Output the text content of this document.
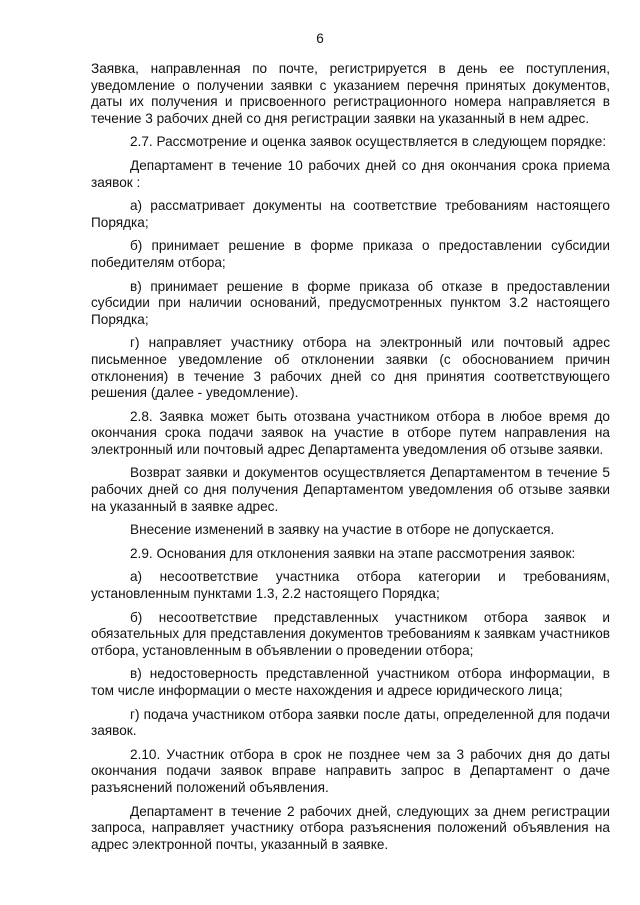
6

Заявка, направленная по почте, регистрируется в день ее поступления, уведомление о получении заявки с указанием перечня принятых документов, даты их получения и присвоенного регистрационного номера направляется в течение 3 рабочих дней со дня регистрации заявки на указанный в нем адрес.

2.7. Рассмотрение и оценка заявок осуществляется в следующем порядке:

Департамент в течение 10 рабочих дней со дня окончания срока приема заявок :

а) рассматривает документы на соответствие требованиям настоящего Порядка;

б) принимает решение в форме приказа о предоставлении субсидии победителям отбора;

в) принимает решение в форме приказа об отказе в предоставлении субсидии при наличии оснований, предусмотренных пунктом 3.2 настоящего Порядка;

г) направляет участнику отбора на электронный или почтовый адрес письменное уведомление об отклонении заявки (с обоснованием причин отклонения) в течение 3 рабочих дней со дня принятия соответствующего решения (далее - уведомление).

2.8. Заявка может быть отозвана участником отбора в любое время до окончания срока подачи заявок на участие в отборе путем направления на электронный или почтовый адрес Департамента уведомления об отзыве заявки.

Возврат заявки и документов осуществляется Департаментом в течение 5 рабочих дней со дня получения Департаментом уведомления об отзыве заявки на указанный в заявке адрес.

Внесение изменений в заявку на участие в отборе не допускается.

2.9. Основания для отклонения заявки на этапе рассмотрения заявок:

а) несоответствие участника отбора категории и требованиям, установленным пунктами 1.3, 2.2 настоящего Порядка;

б) несоответствие представленных участником отбора заявок и обязательных для представления документов требованиям к заявкам участников отбора, установленным в объявлении о проведении отбора;

в) недостоверность представленной участником отбора информации, в том числе информации о месте нахождения и адресе юридического лица;

г) подача участником отбора заявки после даты, определенной для подачи заявок.

2.10. Участник отбора в срок не позднее чем за 3 рабочих дня до даты окончания подачи заявок вправе направить запрос в Департамент о даче разъяснений положений объявления.

Департамент в течение 2 рабочих дней, следующих за днем регистрации запроса, направляет участнику отбора разъяснения положений объявления на адрес электронной почты, указанный в заявке.
